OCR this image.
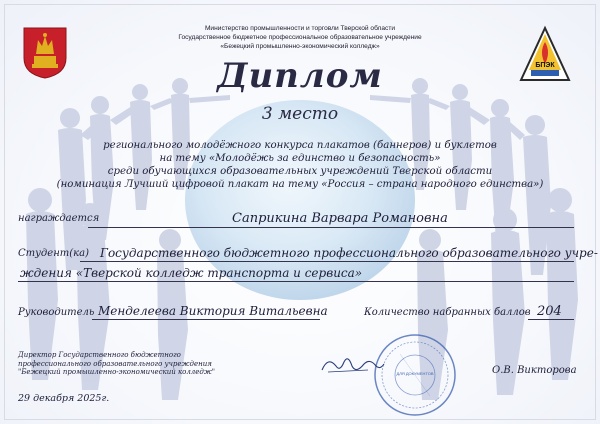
БПЭК
Министерство промышленности и торговли Тверской области
Государственное бюджетное профессиональное образовательное учреждение
«Бежецкий промышленно-экономический колледж»
Диплом
3 место
регионального молодёжного конкурса плакатов (баннеров) и буклетов
на тему «Молодёжь за единство и безопасность»
среди обучающихся образовательных учреждений Тверской области
(номинация Лучший цифровой плакат на тему «Россия – страна народного единства»)
награждается	Саприкина Варвара Романовна
Студент(ка) Государственного бюджетного профессионального образовательного учре-
ждения «Тверской колледж транспорта и сервиса»
Руководитель Менделеева Виктория Витальевна	Количество набранных баллов 204
ДЛЯ ДОКУМЕНТОВ
Директор Государственного бюджетного
профессионального образовательного учреждения
"Бежецкий промышленно-экономический колледж"	О.В. Викторова
29 декабря 2025г.
